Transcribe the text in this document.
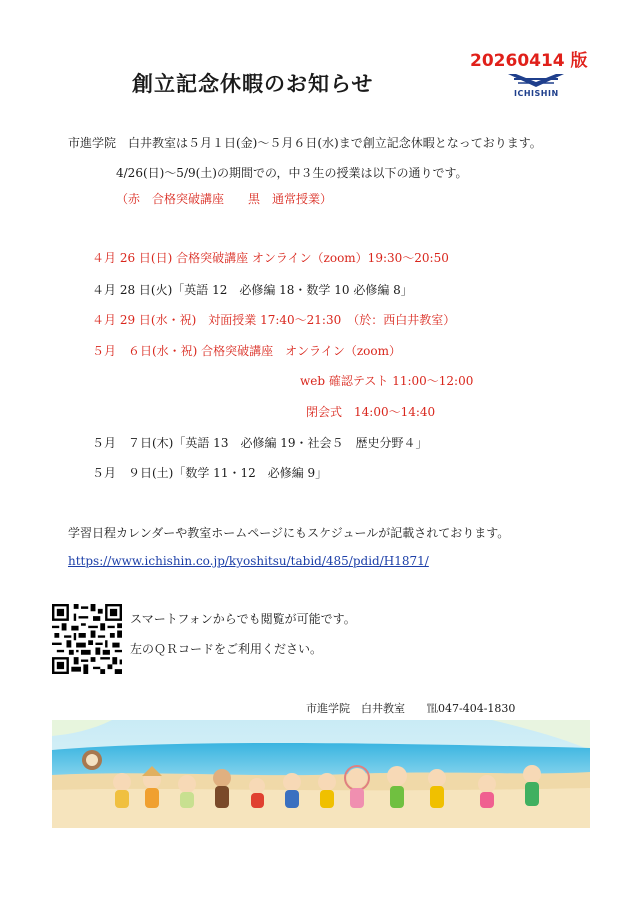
20260414 版
ICHISHIN
創立記念休暇のお知らせ
市進学院　白井教室は５月１日(金)～５月６日(水)まで創立記念休暇となっております。
4/26(日)～5/9(土)の期間での，中３生の授業は以下の通りです。
（赤　合格突破講座　　黒　通常授業）
４月 26 日(日) 合格突破講座 オンライン（zoom）19:30～20:50
４月 28 日(火)「英語 12　必修編 18・数学 10 必修編 8」
４月 29 日(水・祝)　対面授業 17:40～21:30　（於：西白井教室）
５月　６日(水・祝) 合格突破講座　オンライン（zoom）
web 確認テスト 11:00～12:00
閉会式　14:00～14:40
５月　７日(木)「英語 13　必修編 19・社会５　歴史分野４」
５月　９日(土)「数学 11・12　必修編 9」
学習日程カレンダーや教室ホームページにもスケジュールが記載されております。
https://www.ichishin.co.jp/kyoshitsu/tabid/485/pdid/H1871/
スマートフォンからでも閲覧が可能です。
左のＱＲコードをご利用ください。
市進学院　白井教室　　℡047-404-1830
